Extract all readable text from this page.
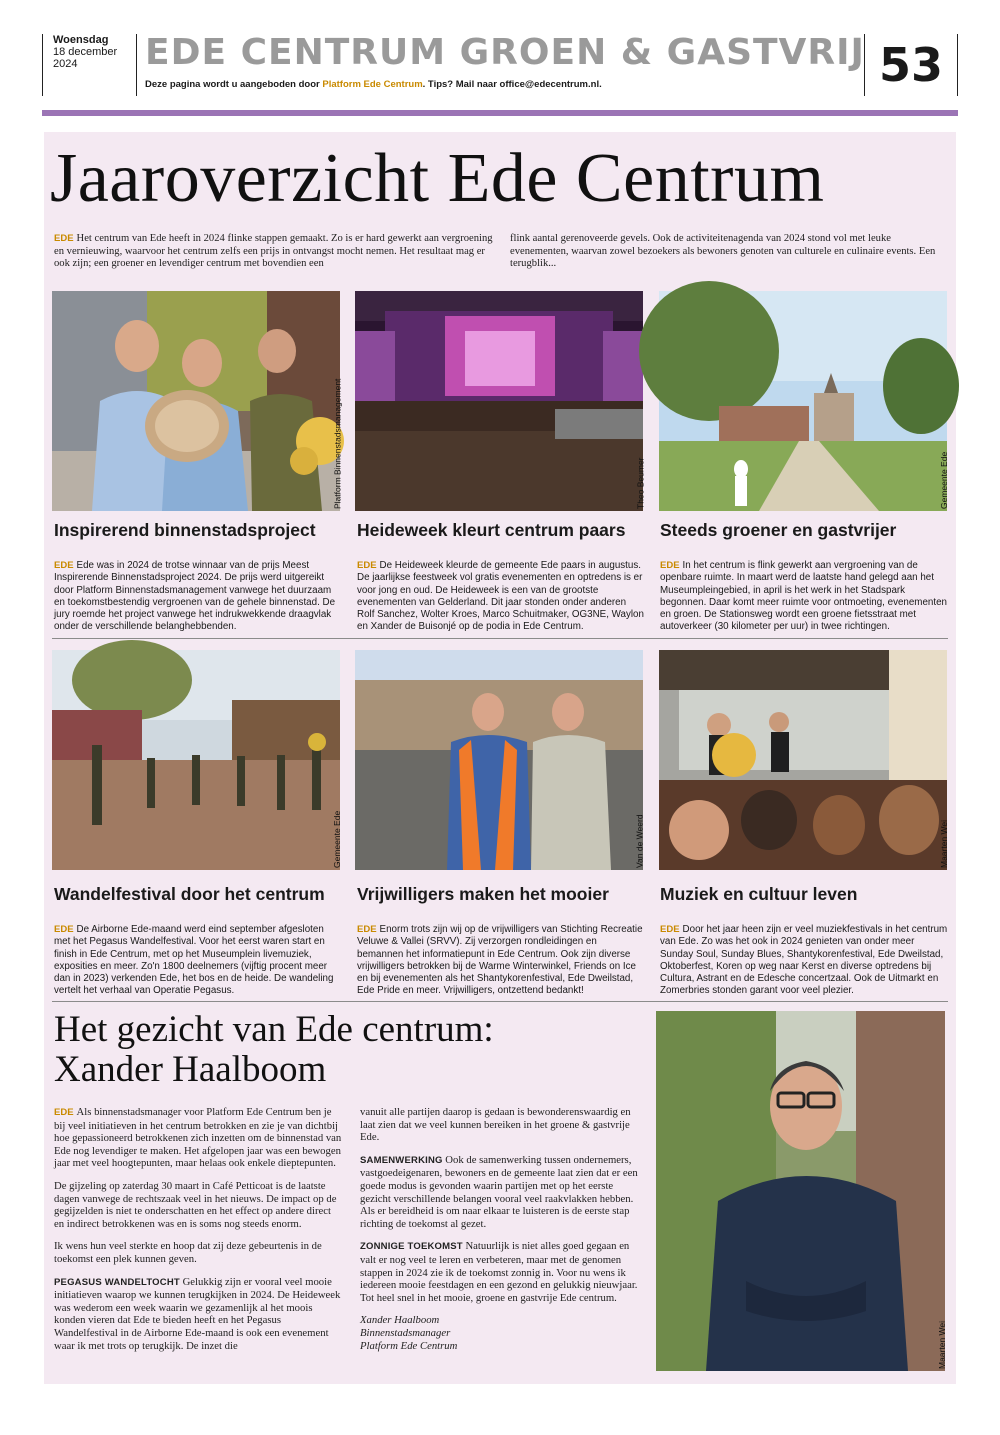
Woensdag
18 december
2024	EDE CENTRUM GROEN & GASTVRIJ
Deze pagina wordt u aangeboden door Platform Ede Centrum. Tips? Mail naar office@edecentrum.nl.	53
Jaaroverzicht Ede Centrum
EDE Het centrum van Ede heeft in 2024 flinke stappen gemaakt. Zo is er hard gewerkt aan vergroening en vernieuwing, waarvoor het centrum zelfs een prijs in ontvangst mocht nemen. Het resultaat mag er ook zijn; een groener en levendiger centrum met bovendien een
flink aantal gerenoveerde gevels. Ook de activiteitenagenda van 2024 stond vol met leuke evenementen, waarvan zowel bezoekers als bewoners genoten van culturele en culinaire events. Een terugblik...
Platform Binnenstadsmanagement	Theo Beumer	Gemeente Ede
Inspirerend binnenstadsproject
EDE Ede was in 2024 de trotse winnaar van de prijs Meest Inspirerende Binnenstadsproject 2024. De prijs werd uitgereikt door Platform Binnenstadsmanagement vanwege het duurzaam en toekomstbestendig vergroenen van de gehele binnenstad. De jury roemde het project vanwege het indrukwekkende draagvlak onder de verschillende belanghebbenden.
Heideweek kleurt centrum paars
EDE De Heideweek kleurde de gemeente Ede paars in augustus. De jaarlijkse feestweek vol gratis evenementen en optredens is er voor jong en oud. De Heideweek is een van de grootste evenementen van Gelderland. Dit jaar stonden onder anderen Rolf Sanchez, Wolter Kroes, Marco Schuitmaker, OG3NE, Waylon en Xander de Buisonjé op de podia in Ede Centrum.
Steeds groener en gastvrijer
EDE In het centrum is flink gewerkt aan vergroening van de openbare ruimte. In maart werd de laatste hand gelegd aan het Museumpleingebied, in april is het werk in het Stadspark begonnen. Daar komt meer ruimte voor ontmoeting, evenementen en groen. De Stationsweg wordt een groene fietsstraat met autoverkeer (30 kilometer per uur) in twee richtingen.
Gemeente Ede	Van de Weerd	Maarten Wei
Wandelfestival door het centrum
EDE De Airborne Ede-maand werd eind september afgesloten met het Pegasus Wandelfestival. Voor het eerst waren start en finish in Ede Centrum, met op het Museumplein livemuziek, exposities en meer. Zo'n 1800 deelnemers (vijftig procent meer dan in 2023) verkenden Ede, het bos en de heide. De wandeling vertelt het verhaal van Operatie Pegasus.
Vrijwilligers maken het mooier
EDE Enorm trots zijn wij op de vrijwilligers van Stichting Recreatie Veluwe & Vallei (SRVV). Zij verzorgen rondleidingen en bemannen het informatiepunt in Ede Centrum. Ook zijn diverse vrijwilligers betrokken bij de Warme Winterwinkel, Friends on Ice en bij evenementen als het Shantykorenfestival, Ede Dweilstad, Ede Pride en meer. Vrijwilligers, ontzettend bedankt!
Muziek en cultuur leven
EDE Door het jaar heen zijn er veel muziekfestivals in het centrum van Ede. Zo was het ook in 2024 genieten van onder meer Sunday Soul, Sunday Blues, Shantykorenfestival, Ede Dweilstad, Oktoberfest, Koren op weg naar Kerst en diverse optredens bij Cultura, Astrant en de Edesche concertzaal. Ook de Uitmarkt en Zomerbries stonden garant voor veel plezier.
Het gezicht van Ede centrum:
Xander Haalboom

EDE Als binnenstadsmanager voor Platform Ede Centrum ben je bij veel initiatieven in het centrum betrokken en zie je van dichtbij hoe gepassioneerd betrokkenen zich inzetten om de binnenstad van Ede nog levendiger te maken. Het afgelopen jaar was een bewogen jaar met veel hoogtepunten, maar helaas ook enkele dieptepunten.

De gijzeling op zaterdag 30 maart in Café Petticoat is de laatste dagen vanwege de rechtszaak veel in het nieuws. De impact op de gegijzelden is niet te onderschatten en het effect op andere direct en indirect betrokkenen was en is soms nog steeds enorm.

Ik wens hun veel sterkte en hoop dat zij deze gebeurtenis in de toekomst een plek kunnen geven.

PEGASUS WANDELTOCHT Gelukkig zijn er vooral veel mooie initiatieven waarop we kunnen terugkijken in 2024. De Heideweek was wederom een week waarin we gezamenlijk al het moois konden vieren dat Ede te bieden heeft en het Pegasus Wandelfestival in de Airborne Ede-maand is ook een evenement waar ik met trots op terugkijk. De inzet die

vanuit alle partijen daarop is gedaan is bewonderenswaardig en laat zien dat we veel kunnen bereiken in het groene & gastvrije Ede.

SAMENWERKING Ook de samenwerking tussen ondernemers, vastgoedeigenaren, bewoners en de gemeente laat zien dat er een goede modus is gevonden waarin partijen met op het eerste gezicht verschillende belangen vooral veel raakvlakken hebben. Als er bereidheid is om naar elkaar te luisteren is de eerste stap richting de toekomst al gezet.

ZONNIGE TOEKOMST Natuurlijk is niet alles goed gegaan en valt er nog veel te leren en verbeteren, maar met de genomen stappen in 2024 zie ik de toekomst zonnig in. Voor nu wens ik iedereen mooie feestdagen en een gezond en gelukkig nieuwjaar. Tot heel snel in het mooie, groene en gastvrije Ede centrum.

Xander Haalboom
Binnenstadsmanager
Platform Ede Centrum	Maarten Wei
